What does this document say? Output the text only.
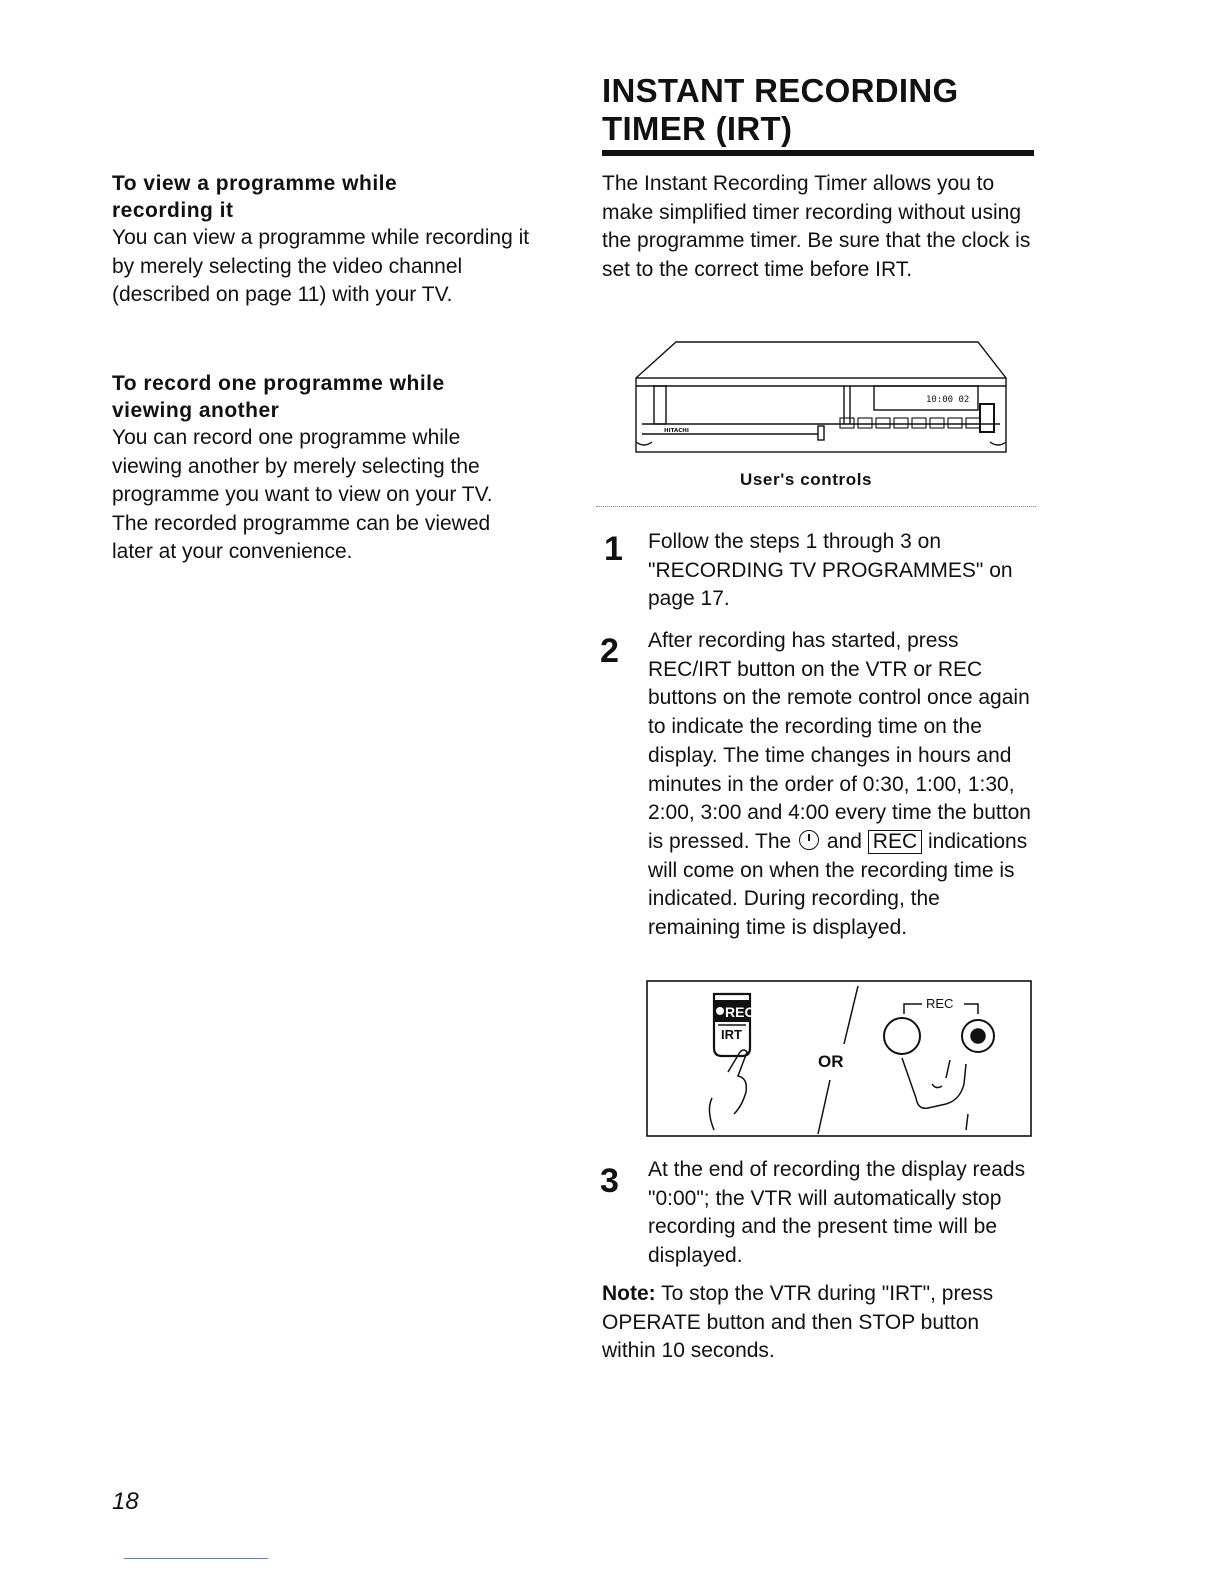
To view a programme while recording it
You can view a programme while recording it by merely selecting the video channel (described on page 11) with your TV.
To record one programme while viewing another
You can record one programme while viewing another by merely selecting the programme you want to view on your TV. The recorded programme can be viewed later at your convenience.
INSTANT RECORDING
TIMER (IRT)
The Instant Recording Timer allows you to make simplified timer recording without using the programme timer. Be sure that the clock is set to the correct time before IRT.
10:00 02
HITACHI
User's controls
1 Follow the steps 1 through 3 on "RECORDING TV PROGRAMMES" on page 17.
2 After recording has started, press REC/IRT button on the VTR or REC buttons on the remote control once again to indicate the recording time on the display. The time changes in hours and minutes in the order of 0:30, 1:00, 1:30, 2:00, 3:00 and 4:00 every time the button is pressed. The and REC indications will come on when the recording time is indicated. During recording, the remaining time is displayed.
REC
IRT
OR
REC
3 At the end of recording the display reads "0:00"; the VTR will automatically stop recording and the present time will be displayed.
Note: To stop the VTR during "IRT", press OPERATE button and then STOP button within 10 seconds.
18
